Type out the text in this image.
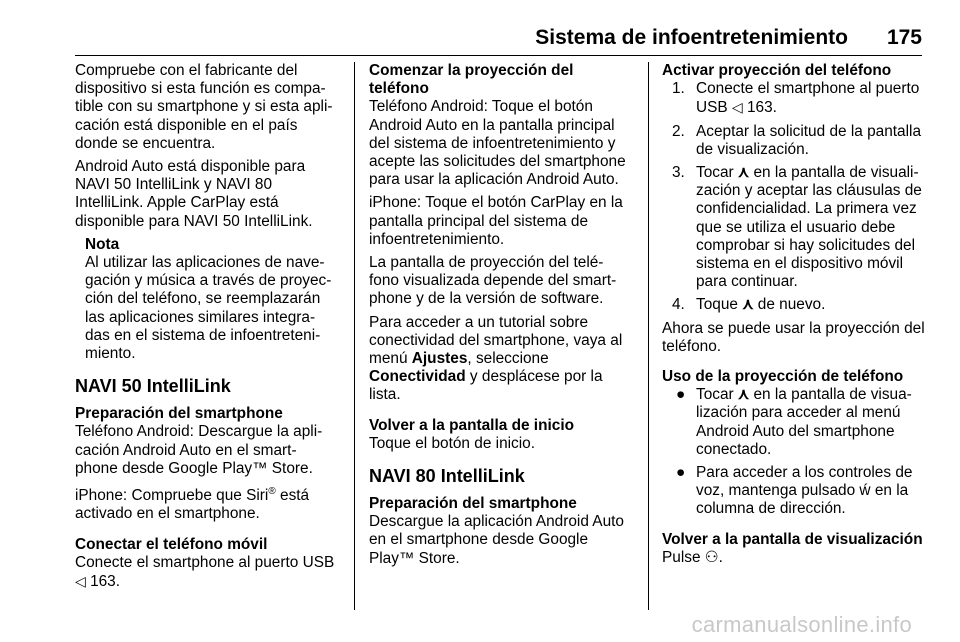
Sistema de infoentretenimiento 175

Compruebe con el fabricante del dispositivo si esta función es compa- tible con su smartphone y si esta apli- cación está disponible en el país donde se encuentra.

Android Auto está disponible para NAVI 50 IntelliLink y NAVI 80 IntelliLink. Apple CarPlay está disponible para NAVI 50 IntelliLink.

Nota

Al utilizar las aplicaciones de nave- gación y música a través de proyec- ción del teléfono, se reemplazarán las aplicaciones similares integra- das en el sistema de infoentreteni- miento.

NAVI 50 IntelliLink
Preparación del smartphone

Teléfono Android: Descargue la apli- cación Android Auto en el smart- phone desde Google Play™ Store.

iPhone: Compruebe que Siri® está activado en el smartphone.

Conectar el teléfono móvil

Conecte el smartphone al puerto USB ◁ 163.

Comenzar la proyección del teléfono

Teléfono Android: Toque el botón Android Auto en la pantalla principal del sistema de infoentretenimiento y acepte las solicitudes del smartphone para usar la aplicación Android Auto.

iPhone: Toque el botón CarPlay en la pantalla principal del sistema de infoentretenimiento.

La pantalla de proyección del telé- fono visualizada depende del smart- phone y de la versión de software.

Para acceder a un tutorial sobre conectividad del smartphone, vaya al menú Ajustes, seleccione Conectividad y desplácese por la lista.

Volver a la pantalla de inicio

Toque el botón de inicio.

NAVI 80 IntelliLink
Preparación del smartphone

Descargue la aplicación Android Auto en el smartphone desde Google Play™ Store.

Activar proyección del teléfono
1. Conecte el smartphone al puerto USB ◁ 163.
2. Aceptar la solicitud de la pantalla de visualización.
3. Tocar ⋏ en la pantalla de visuali- zación y aceptar las cláusulas de confidencialidad. La primera vez que se utiliza el usuario debe comprobar si hay solicitudes del sistema en el dispositivo móvil para continuar.
4. Toque ⋏ de nuevo.

Ahora se puede usar la proyección del teléfono.

Uso de la proyección de teléfono
● Tocar ⋏ en la pantalla de visua- lización para acceder al menú Android Auto del smartphone conectado.
● Para acceder a los controles de voz, mantenga pulsado ẃ en la columna de dirección.
Volver a la pantalla de visualización

Pulse ⚇.

carmanualsonline.info
